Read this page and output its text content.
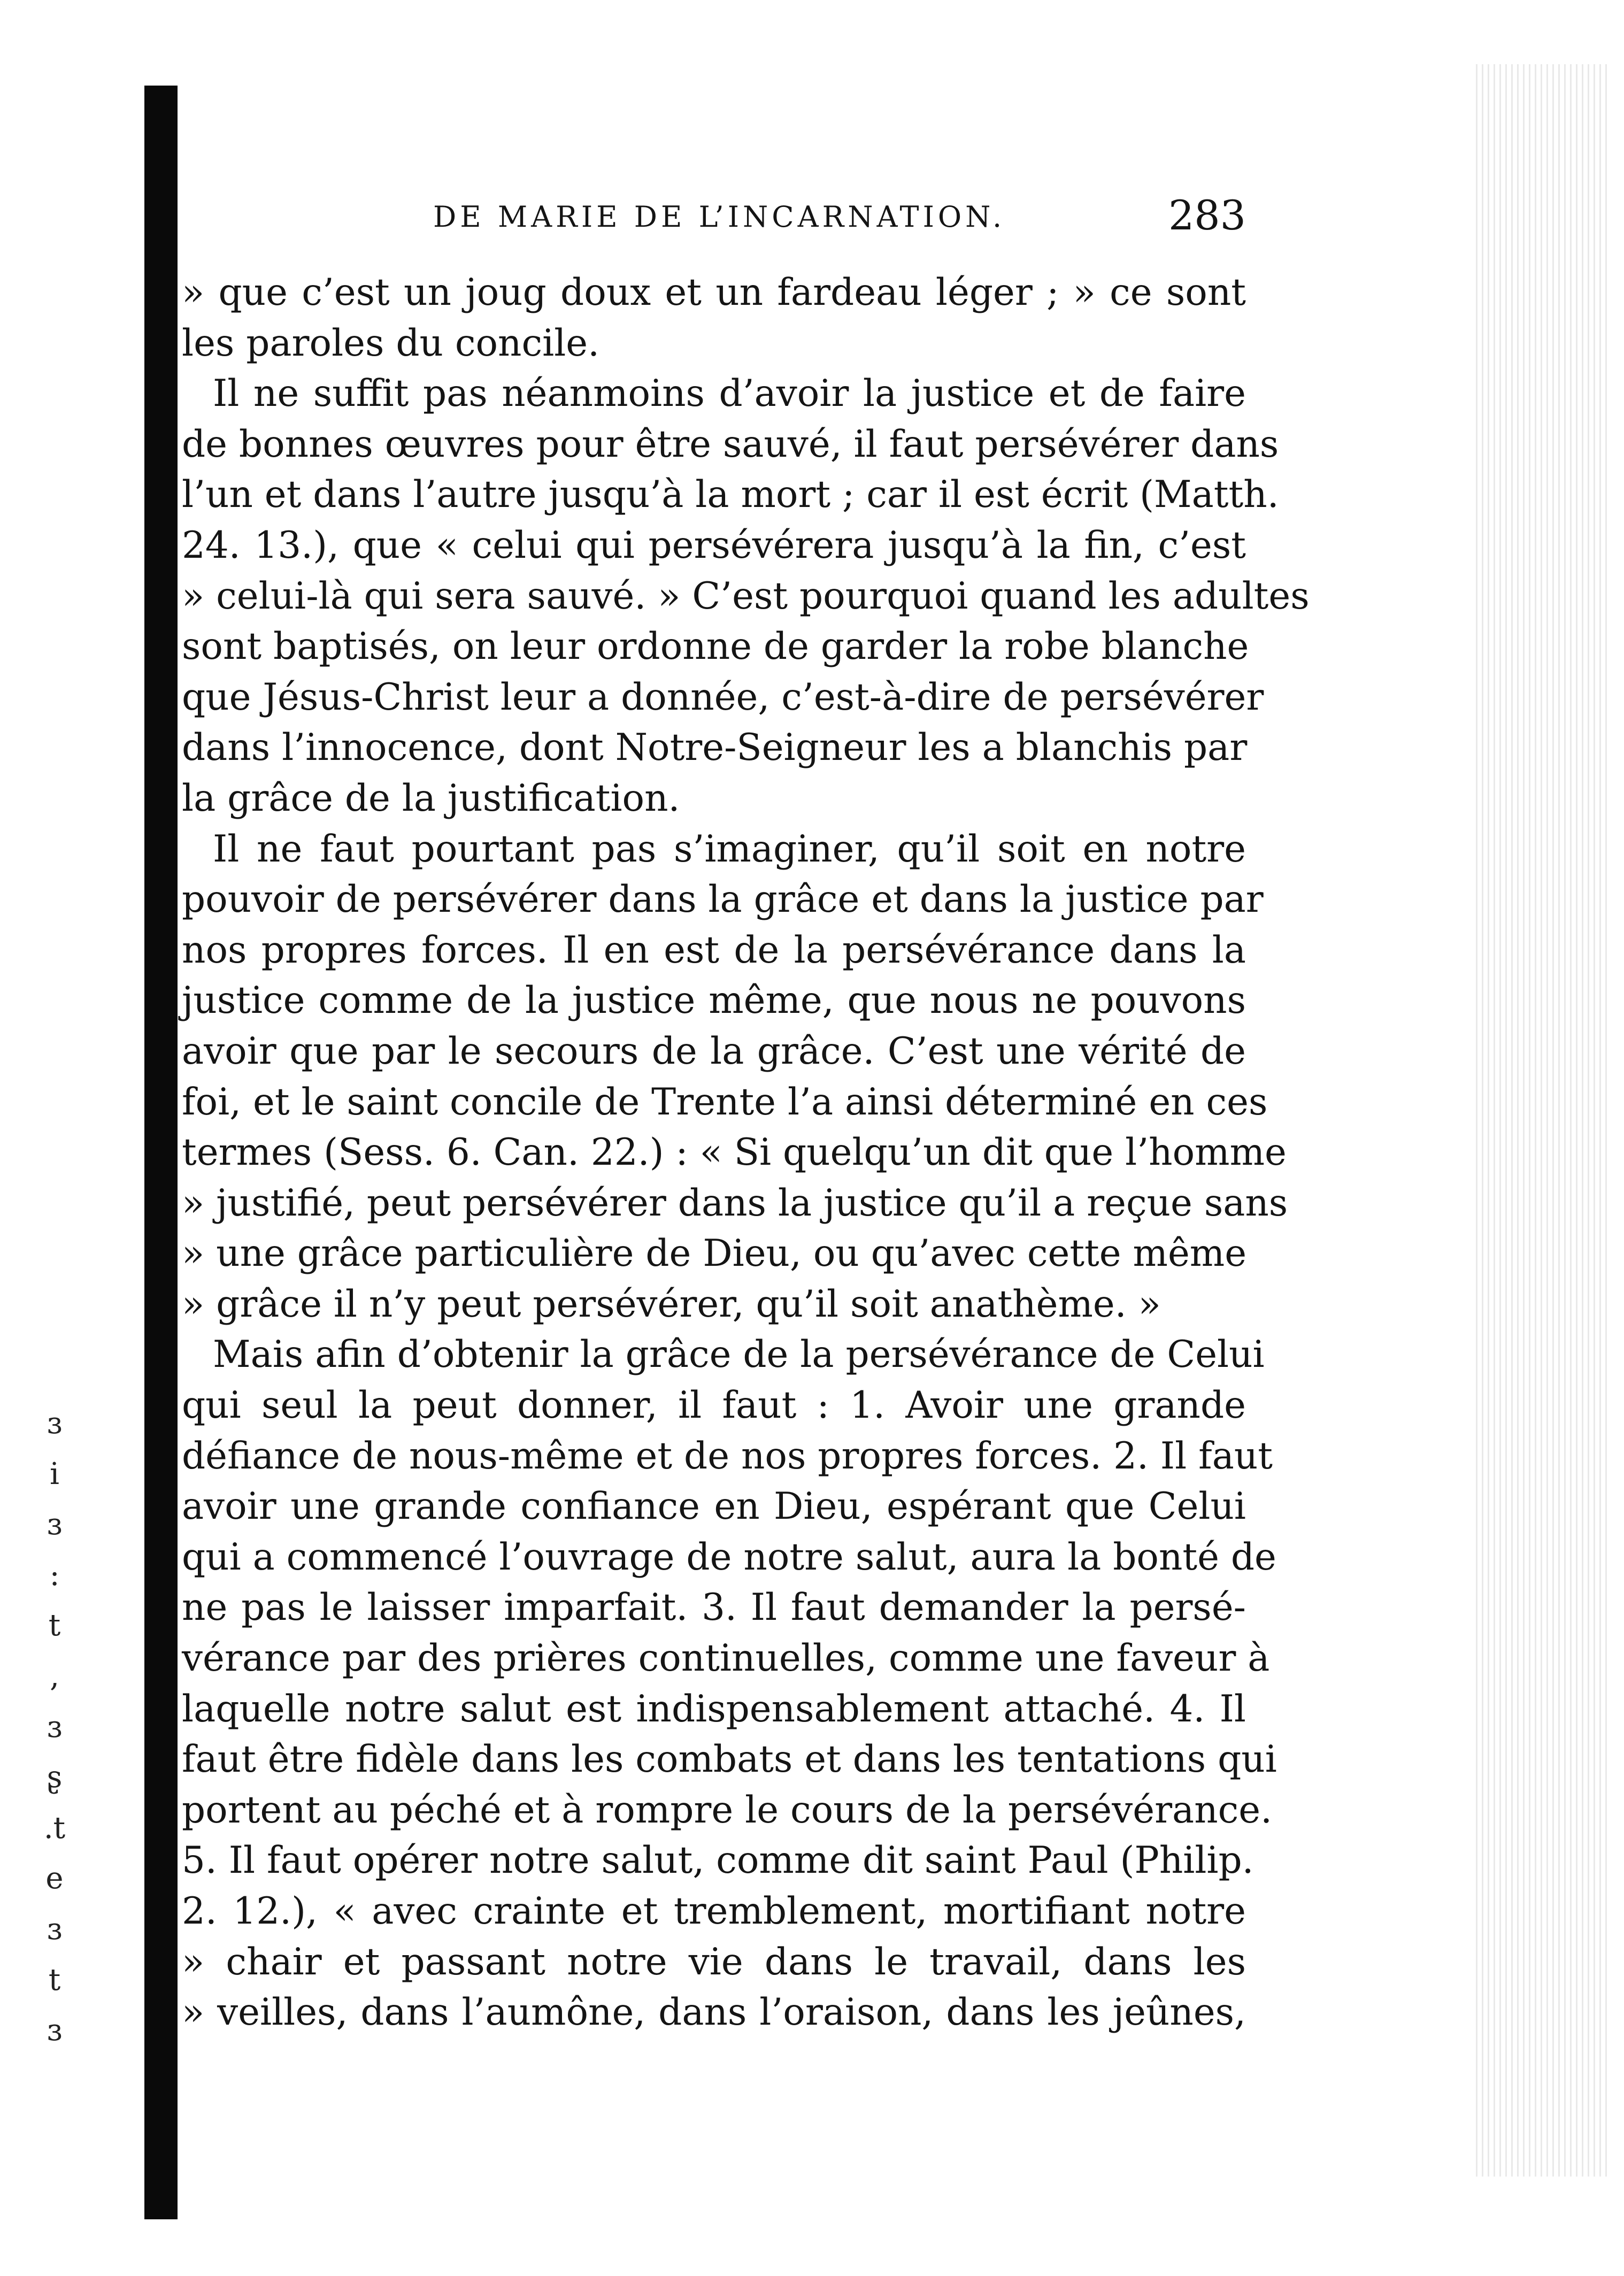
DE MARIE DE L’INCARNATION.	283
» que c’est un joug doux et un fardeau léger ; » ce sont
les paroles du concile.
Il ne suffit pas néanmoins d’avoir la justice et de faire
de bonnes œuvres pour être sauvé, il faut persévérer dans
l’un et dans l’autre jusqu’à la mort ; car il est écrit (Matth.
24. 13.), que « celui qui persévérera jusqu’à la fin, c’est
» celui-là qui sera sauvé. » C’est pourquoi quand les adultes
sont baptisés, on leur ordonne de garder la robe blanche
que Jésus-Christ leur a donnée, c’est-à-dire de persévérer
dans l’innocence, dont Notre-Seigneur les a blanchis par
la grâce de la justification.
Il ne faut pourtant pas s’imaginer, qu’il soit en notre
pouvoir de persévérer dans la grâce et dans la justice par
nos propres forces. Il en est de la persévérance dans la
justice comme de la justice même, que nous ne pouvons
avoir que par le secours de la grâce. C’est une vérité de
foi, et le saint concile de Trente l’a ainsi déterminé en ces
termes (Sess. 6. Can. 22.) : « Si quelqu’un dit que l’homme
» justifié, peut persévérer dans la justice qu’il a reçue sans
» une grâce particulière de Dieu, ou qu’avec cette même
» grâce il n’y peut persévérer, qu’il soit anathème. »
Mais afin d’obtenir la grâce de la persévérance de Celui
qui seul la peut donner, il faut : 1. Avoir une grande
défiance de nous-même et de nos propres forces. 2. Il faut
avoir une grande confiance en Dieu, espérant que Celui
qui a commencé l’ouvrage de notre salut, aura la bonté de
ne pas le laisser imparfait. 3. Il faut demander la persé-
vérance par des prières continuelles, comme une faveur à
laquelle notre salut est indispensablement attaché. 4. Il
faut être fidèle dans les combats et dans les tentations qui
portent au péché et à rompre le cours de la persévérance.
5. Il faut opérer notre salut, comme dit saint Paul (Philip.
2. 12.), « avec crainte et tremblement, mortifiant notre
» chair et passant notre vie dans le travail, dans les
» veilles, dans l’aumône, dans l’oraison, dans les jeûnes,
ɜ
i
ɜ
:
t
,
ɜ
ʂ
.t
e
ɜ
t
ɜ
